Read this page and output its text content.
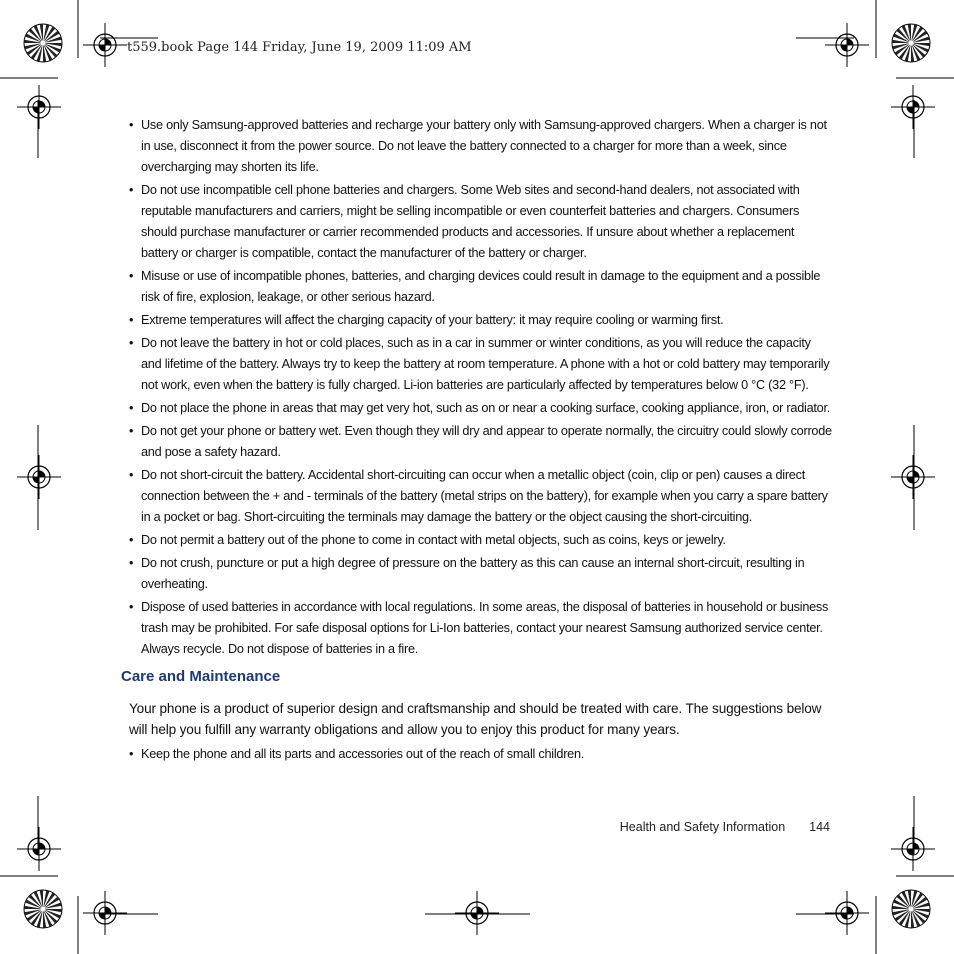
t559.book Page 144 Friday, June 19, 2009 11:09 AM
• Use only Samsung-approved batteries and recharge your battery only with Samsung-approved chargers. When a charger is not in use, disconnect it from the power source. Do not leave the battery connected to a charger for more than a week, since overcharging may shorten its life.
• Do not use incompatible cell phone batteries and chargers. Some Web sites and second-hand dealers, not associated with reputable manufacturers and carriers, might be selling incompatible or even counterfeit batteries and chargers. Consumers should purchase manufacturer or carrier recommended products and accessories. If unsure about whether a replacement battery or charger is compatible, contact the manufacturer of the battery or charger.
• Misuse or use of incompatible phones, batteries, and charging devices could result in damage to the equipment and a possible risk of fire, explosion, leakage, or other serious hazard.
• Extreme temperatures will affect the charging capacity of your battery: it may require cooling or warming first.
• Do not leave the battery in hot or cold places, such as in a car in summer or winter conditions, as you will reduce the capacity and lifetime of the battery. Always try to keep the battery at room temperature. A phone with a hot or cold battery may temporarily not work, even when the battery is fully charged. Li-ion batteries are particularly affected by temperatures below 0 °C (32 °F).
• Do not place the phone in areas that may get very hot, such as on or near a cooking surface, cooking appliance, iron, or radiator.
• Do not get your phone or battery wet. Even though they will dry and appear to operate normally, the circuitry could slowly corrode and pose a safety hazard.
• Do not short-circuit the battery. Accidental short-circuiting can occur when a metallic object (coin, clip or pen) causes a direct connection between the + and - terminals of the battery (metal strips on the battery), for example when you carry a spare battery in a pocket or bag. Short-circuiting the terminals may damage the battery or the object causing the short-circuiting.
• Do not permit a battery out of the phone to come in contact with metal objects, such as coins, keys or jewelry.
• Do not crush, puncture or put a high degree of pressure on the battery as this can cause an internal short-circuit, resulting in overheating.
• Dispose of used batteries in accordance with local regulations. In some areas, the disposal of batteries in household or business trash may be prohibited. For safe disposal options for Li-Ion batteries, contact your nearest Samsung authorized service center. Always recycle. Do not dispose of batteries in a fire.
Care and Maintenance

Your phone is a product of superior design and craftsmanship and should be treated with care. The suggestions below will help you fulfill any warranty obligations and allow you to enjoy this product for many years.

• Keep the phone and all its parts and accessories out of the reach of small children.
Health and Safety Information 144
